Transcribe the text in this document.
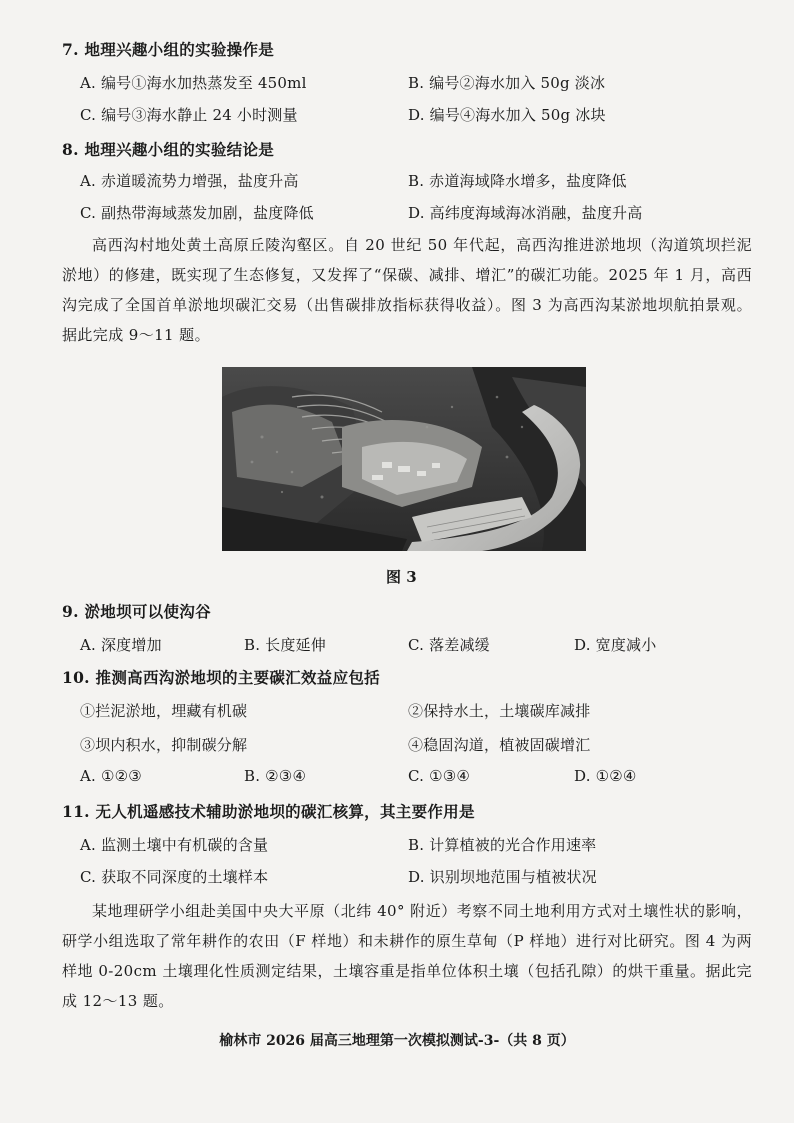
7. 地理兴趣小组的实验操作是
A. 编号①海水加热蒸发至 450ml	B. 编号②海水加入 50g 淡冰
C. 编号③海水静止 24 小时测量	D. 编号④海水加入 50g 冰块
8. 地理兴趣小组的实验结论是
A. 赤道暖流势力增强，盐度升高	B. 赤道海域降水增多，盐度降低
C. 副热带海域蒸发加剧，盐度降低	D. 高纬度海域海冰消融，盐度升高

高西沟村地处黄土高原丘陵沟壑区。自 20 世纪 50 年代起，高西沟推进淤地坝（沟道筑坝拦泥淤地）的修建，既实现了生态修复，又发挥了“保碳、减排、增汇”的碳汇功能。2025 年 1 月，高西沟完成了全国首单淤地坝碳汇交易（出售碳排放指标获得收益）。图 3 为高西沟某淤地坝航拍景观。据此完成 9～11 题。

图 3
9. 淤地坝可以使沟谷
A. 深度增加	B. 长度延伸	C. 落差减缓	D. 宽度减小
10. 推测高西沟淤地坝的主要碳汇效益应包括
①拦泥淤地，埋藏有机碳	②保持水土，土壤碳库减排
③坝内积水，抑制碳分解	④稳固沟道，植被固碳增汇
A. ①②③	B. ②③④	C. ①③④	D. ①②④
11. 无人机遥感技术辅助淤地坝的碳汇核算，其主要作用是
A. 监测土壤中有机碳的含量	B. 计算植被的光合作用速率
C. 获取不同深度的土壤样本	D. 识别坝地范围与植被状况

某地理研学小组赴美国中央大平原（北纬 40° 附近）考察不同土地利用方式对土壤性状的影响，研学小组选取了常年耕作的农田（F 样地）和未耕作的原生草甸（P 样地）进行对比研究。图 4 为两样地 0-20cm 土壤理化性质测定结果，土壤容重是指单位体积土壤（包括孔隙）的烘干重量。据此完成 12～13 题。

榆林市 2026 届高三地理第一次模拟测试-3-（共 8 页）
